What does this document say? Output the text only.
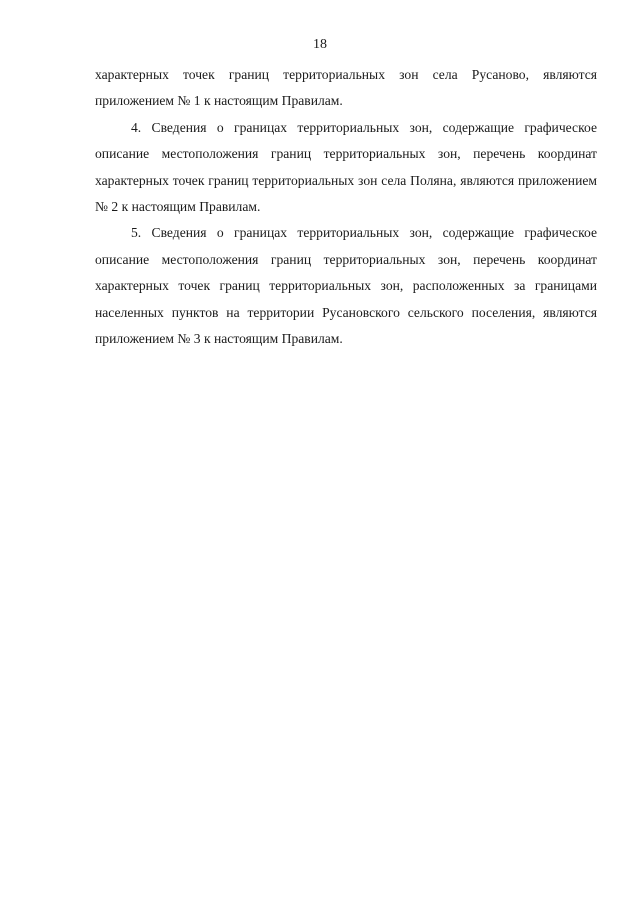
18

характерных точек границ территориальных зон села Русаново, являются приложением № 1 к настоящим Правилам.

4. Сведения о границах территориальных зон, содержащие графическое описание местоположения границ территориальных зон, перечень координат характерных точек границ территориальных зон села Поляна, являются приложением № 2 к настоящим Правилам.

5. Сведения о границах территориальных зон, содержащие графическое описание местоположения границ территориальных зон, перечень координат характерных точек границ территориальных зон, расположенных за границами населенных пунктов на территории Русановского сельского поселения, являются приложением № 3 к настоящим Правилам.
